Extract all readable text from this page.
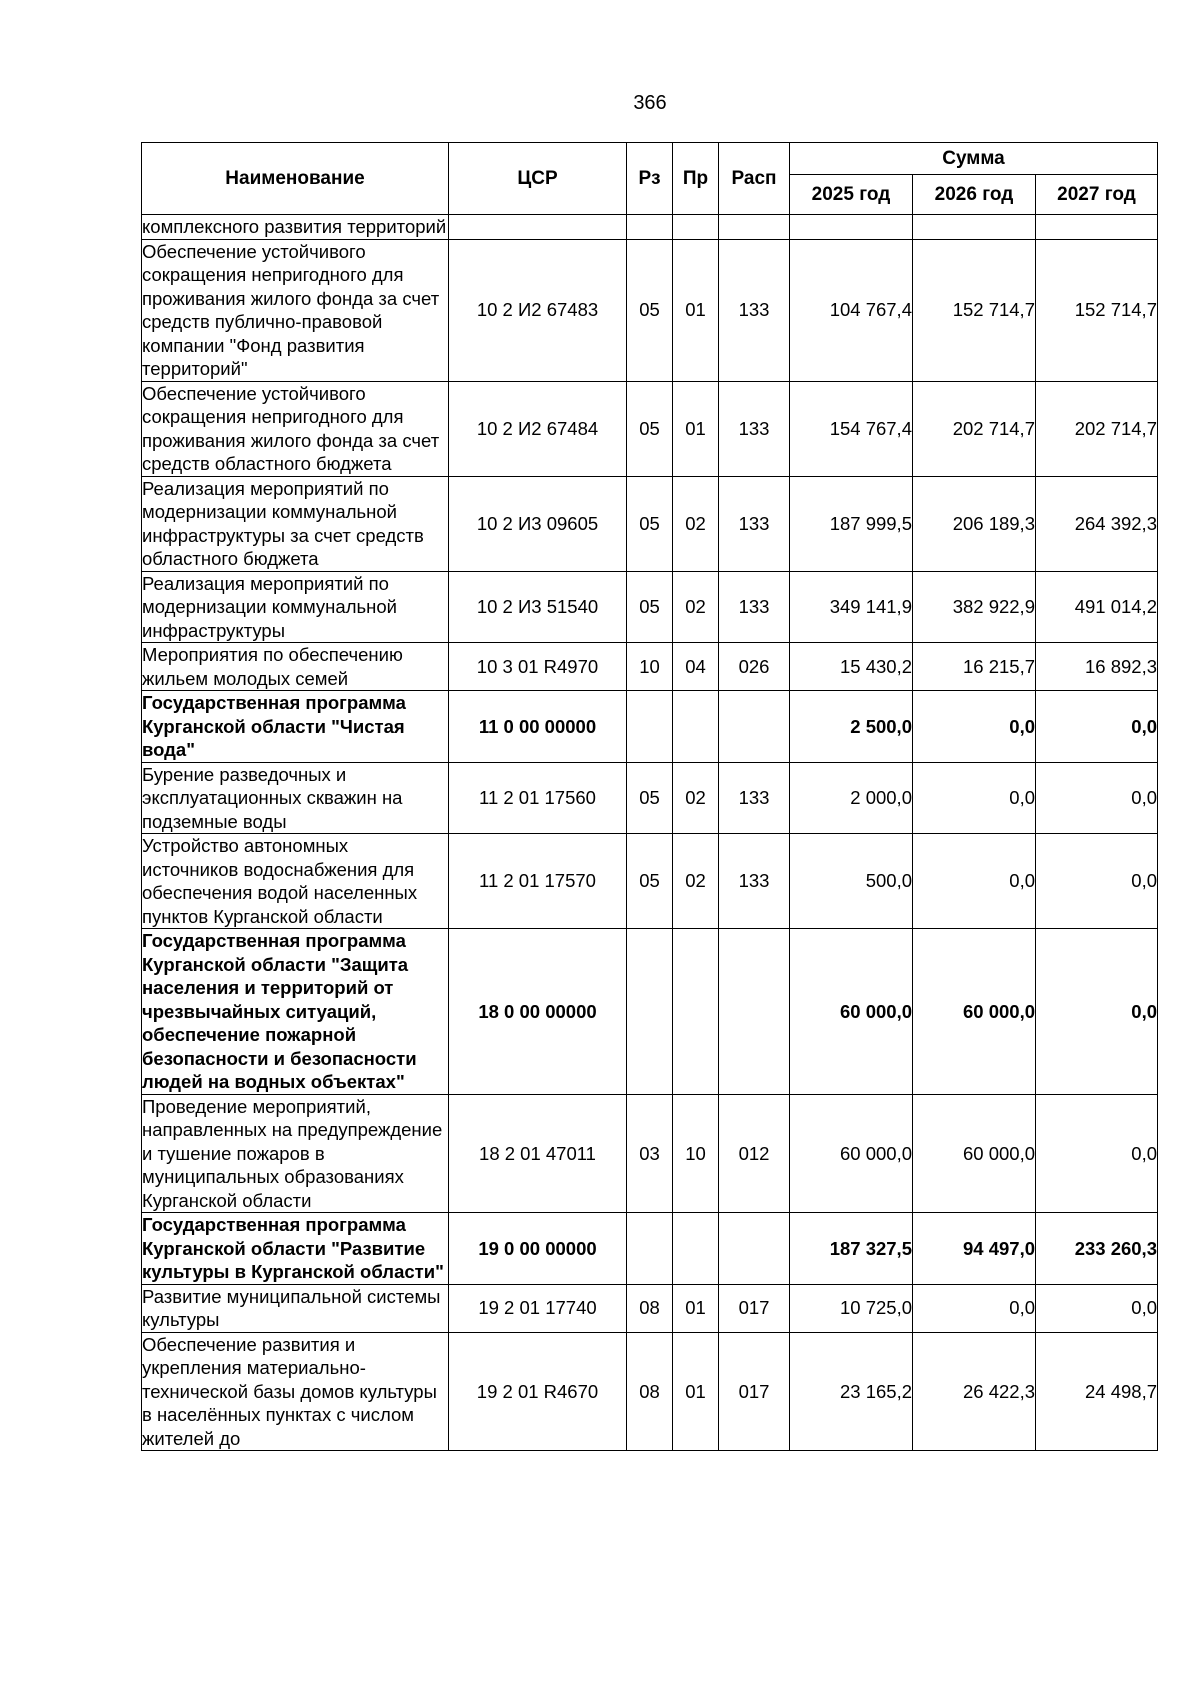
366
Наименование	ЦСР	Рз	Пр	Расп	Сумма		
					2025 год	2026 год	2027 год
комплексного развития территорий							
Обеспечение устойчивого сокращения непригодного для проживания жилого фонда за счет средств публично-правовой компании "Фонд развития территорий"	10 2 И2 67483	05	01	133	104 767,4	152 714,7	152 714,7
Обеспечение устойчивого сокращения непригодного для проживания жилого фонда за счет средств областного бюджета	10 2 И2 67484	05	01	133	154 767,4	202 714,7	202 714,7
Реализация мероприятий по модернизации коммунальной инфраструктуры за счет средств областного бюджета	10 2 И3 09605	05	02	133	187 999,5	206 189,3	264 392,3
Реализация мероприятий по модернизации коммунальной инфраструктуры	10 2 И3 51540	05	02	133	349 141,9	382 922,9	491 014,2
Мероприятия по обеспечению жильем молодых семей	10 3 01 R4970	10	04	026	15 430,2	16 215,7	16 892,3
Государственная программа Курганской области "Чистая вода"	11 0 00 00000				2 500,0	0,0	0,0
Бурение разведочных и эксплуатационных скважин на подземные воды	11 2 01 17560	05	02	133	2 000,0	0,0	0,0
Устройство автономных источников водоснабжения для обеспечения водой населенных пунктов Курганской области	11 2 01 17570	05	02	133	500,0	0,0	0,0
Государственная программа Курганской области "Защита населения и территорий от чрезвычайных ситуаций, обеспечение пожарной безопасности и безопасности людей на водных объектах"	18 0 00 00000				60 000,0	60 000,0	0,0
Проведение мероприятий, направленных на предупреждение и тушение пожаров в муниципальных образованиях Курганской области	18 2 01 47011	03	10	012	60 000,0	60 000,0	0,0
Государственная программа Курганской области "Развитие культуры в Курганской области"	19 0 00 00000				187 327,5	94 497,0	233 260,3
Развитие муниципальной системы культуры	19 2 01 17740	08	01	017	10 725,0	0,0	0,0
Обеспечение развития и укрепления материально-технической базы домов культуры в населённых пунктах с числом жителей до	19 2 01 R4670	08	01	017	23 165,2	26 422,3	24 498,7
